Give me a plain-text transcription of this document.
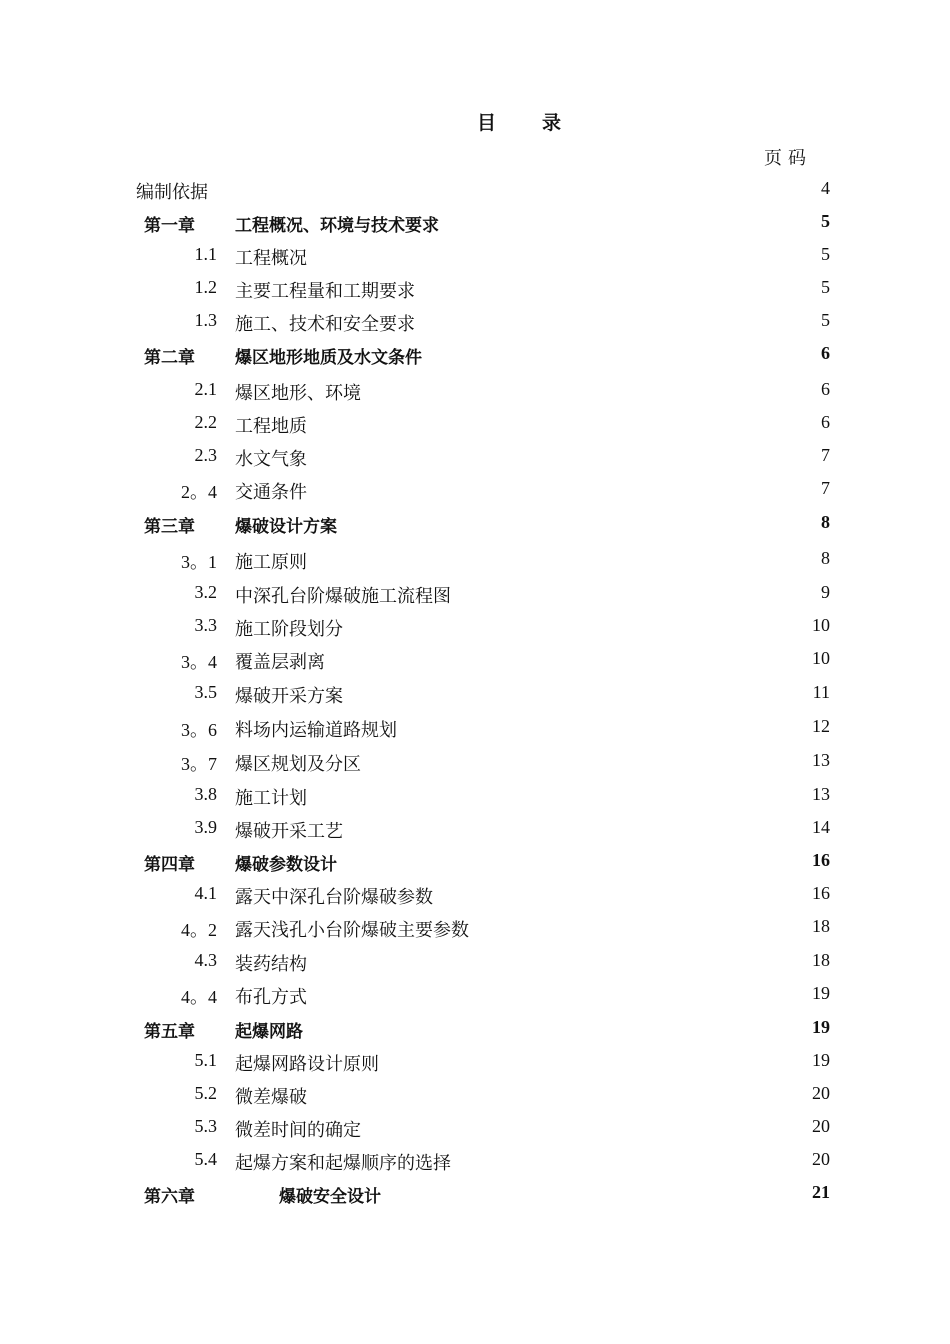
目 录
页码
编制依据	4
第一章 工程概况、环境与技术要求	5
1.1 工程概况	5
1.2 主要工程量和工期要求	5
1.3 施工、技术和安全要求	5
第二章 爆区地形地质及水文条件	6
2.1 爆区地形、环境	6
2.2 工程地质	6
2.3 水文气象	7
2。4 交通条件	7
第三章 爆破设计方案	8
3。1 施工原则	8
3.2 中深孔台阶爆破施工流程图	9
3.3 施工阶段划分	10
3。4 覆盖层剥离	10
3.5 爆破开采方案	11
3。6 料场内运输道路规划	12
3。7 爆区规划及分区	13
3.8 施工计划	13
3.9 爆破开采工艺	14
第四章 爆破参数设计	16
4.1 露天中深孔台阶爆破参数	16
4。2 露天浅孔小台阶爆破主要参数	18
4.3 装药结构	18
4。4 布孔方式	19
第五章 起爆网路	19
5.1 起爆网路设计原则	19
5.2 微差爆破	20
5.3 微差时间的确定	20
5.4 起爆方案和起爆顺序的选择	20
第六章	爆破安全设计	21
